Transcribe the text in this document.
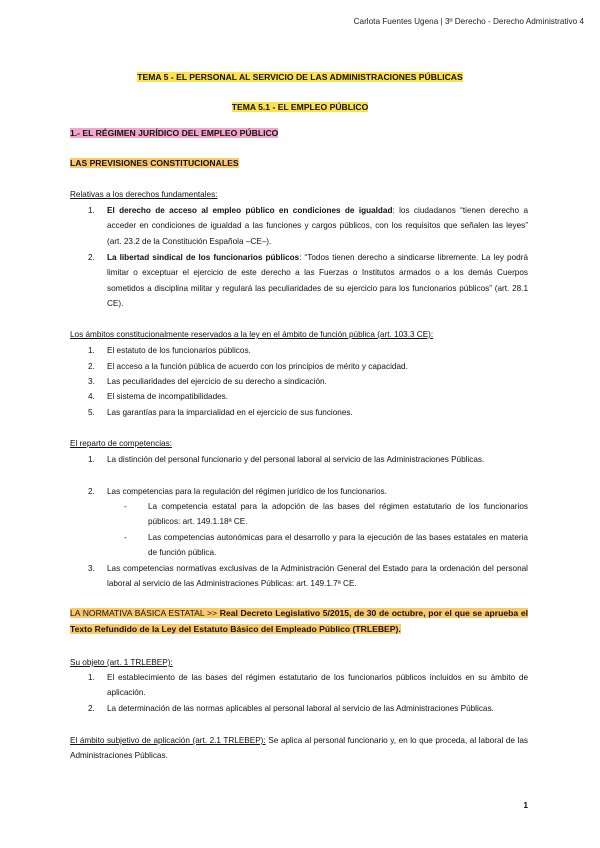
Carlota Fuentes Ugena | 3º Derecho - Derecho Administrativo 4
TEMA 5 - EL PERSONAL AL SERVICIO DE LAS ADMINISTRACIONES PÚBLICAS
TEMA 5.1 - EL EMPLEO PÚBLICO
1.- EL RÉGIMEN JURÍDICO DEL EMPLEO PÚBLICO
LAS PREVISIONES CONSTITUCIONALES
Relativas a los derechos fundamentales:
1.	El derecho de acceso al empleo público en condiciones de igualdad: los ciudadanos “tienen derecho a acceder en condiciones de igualdad a las funciones y cargos públicos, con los requisitos que señalen las leyes” (art. 23.2 de la Constitución Española –CE–).
2.	La libertad sindical de los funcionarios públicos: “Todos tienen derecho a sindicarse libremente. La ley podrá limitar o exceptuar el ejercicio de este derecho a las Fuerzas o Institutos armados o a los demás Cuerpos sometidos a disciplina militar y regulará las peculiaridades de su ejercicio para los funcionarios públicos” (art. 28.1 CE).
Los ámbitos constitucionalmente reservados a la ley en el ámbito de función pública (art. 103.3 CE):
1.	El estatuto de los funcionarios públicos.
2.	El acceso a la función pública de acuerdo con los principios de mérito y capacidad.
3.	Las peculiaridades del ejercicio de su derecho a sindicación.
4.	El sistema de incompatibilidades.
5.	Las garantías para la imparcialidad en el ejercicio de sus funciones.
El reparto de competencias:
1.	La distinción del personal funcionario y del personal laboral al servicio de las Administraciones Públicas.
2.	Las competencias para la regulación del régimen jurídico de los funcionarios.
-	La competencia estatal para la adopción de las bases del régimen estatutario de los funcionarios públicos: art. 149.1.18ª CE.
-	Las competencias autonómicas para el desarrollo y para la ejecución de las bases estatales en materia de función pública.
3.	Las competencias normativas exclusivas de la Administración General del Estado para la ordenación del personal laboral al servicio de las Administraciones Públicas: art. 149.1.7ª CE.
LA NORMATIVA BÁSICA ESTATAL >> Real Decreto Legislativo 5/2015, de 30 de octubre, por el que se aprueba el Texto Refundido de la Ley del Estatuto Básico del Empleado Público (TRLEBEP).
Su objeto (art. 1 TRLEBEP):
1.	El establecimiento de las bases del régimen estatutario de los funcionarios públicos incluidos en su ámbito de aplicación.
2.	La determinación de las normas aplicables al personal laboral al servicio de las Administraciones Públicas.
El ámbito subjetivo de aplicación (art. 2.1 TRLEBEP): Se aplica al personal funcionario y, en lo que proceda, al laboral de las Administraciones Públicas.
1
